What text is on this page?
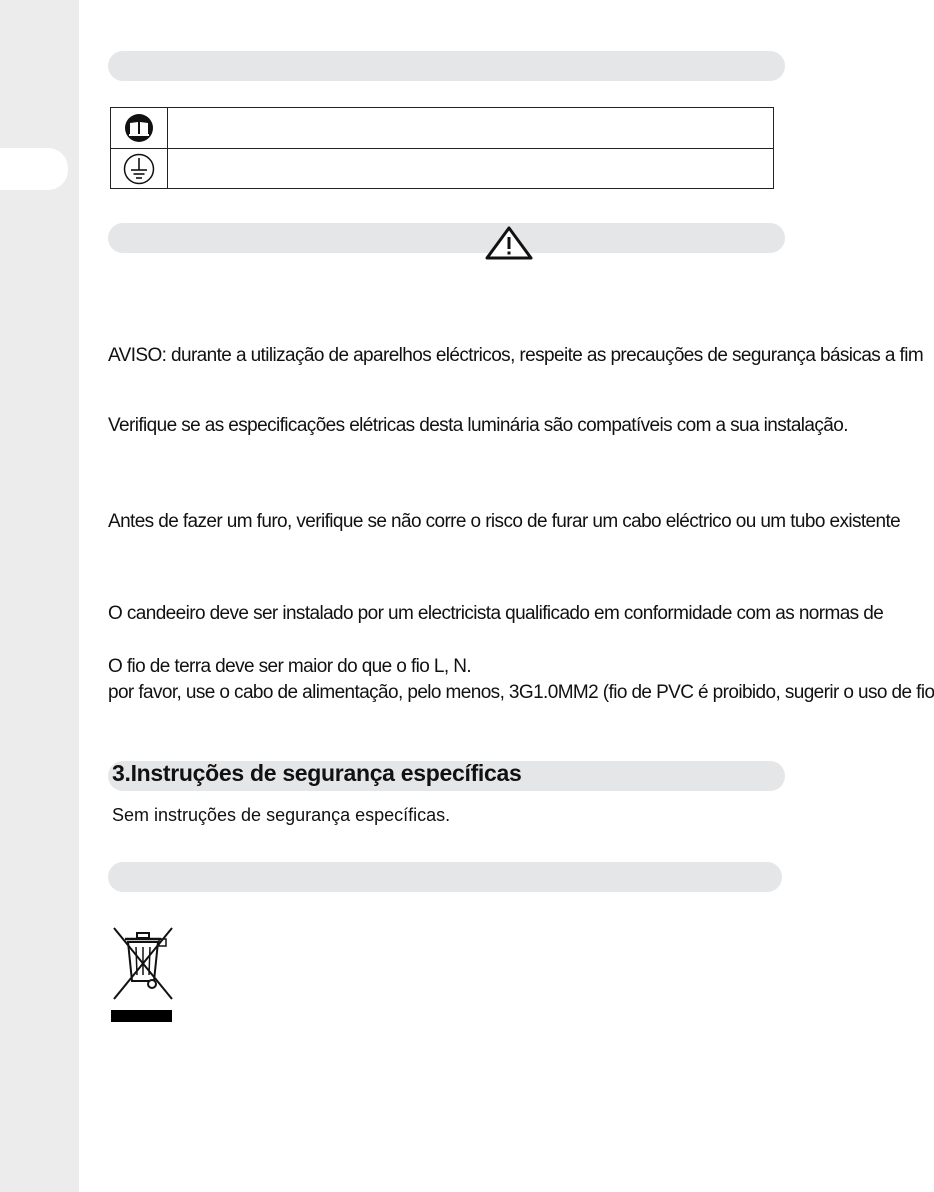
AVISO: durante a utilização de aparelhos eléctricos, respeite as precauções de segurança básicas a fim
Verifique se as especificações elétricas desta luminária são compatíveis com a sua instalação.
Antes de fazer um furo, verifique se não corre o risco de furar um cabo eléctrico ou um tubo existente
O candeeiro deve ser instalado por um electricista qualificado em conformidade com as normas de
O fio de terra deve ser maior do que o fio L, N.
por favor, use o cabo de alimentação, pelo menos, 3G1.0MM2 (fio de PVC é proibido, sugerir o uso de fio
3.Instruções de segurança específicas
Sem instruções de segurança específicas.
